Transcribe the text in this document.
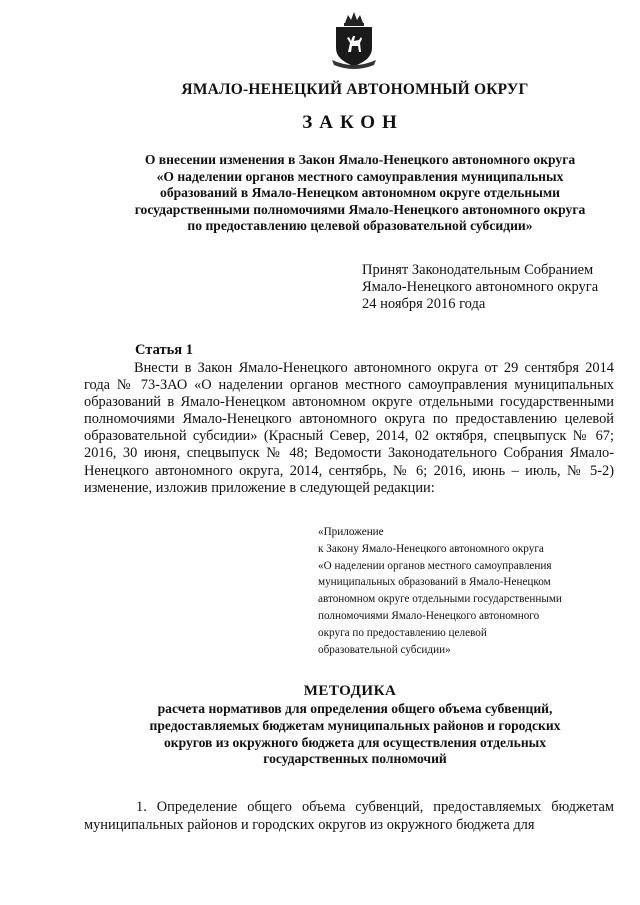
ЯМАЛО-НЕНЕЦКИЙ АВТОНОМНЫЙ ОКРУГ
ЗАКОН
О внесении изменения в Закон Ямало-Ненецкого автономного округа
«О наделении органов местного самоуправления муниципальных
образований в Ямало-Ненецком автономном округе отдельными
государственными полномочиями Ямало-Ненецкого автономного округа
по предоставлению целевой образовательной субсидии»
Принят Законодательным Собранием
Ямало-Ненецкого автономного округа
24 ноября 2016 года
Статья 1
Внести в Закон Ямало-Ненецкого автономного округа от 29 сентября 2014 года № 73-ЗАО «О наделении органов местного самоуправления муниципальных образований в Ямало-Ненецком автономном округе отдельными государственными полномочиями Ямало-Ненецкого автономного округа по предоставлению целевой образовательной субсидии» (Красный Север, 2014, 02 октября, спецвыпуск № 67; 2016, 30 июня, спецвыпуск № 48; Ведомости Законодательного Собрания Ямало-Ненецкого автономного округа, 2014, сентябрь, № 6; 2016, июнь – июль, № 5-2) изменение, изложив приложение в следующей редакции:
«Приложение
к Закону Ямало-Ненецкого автономного округа
«О наделении органов местного самоуправления
муниципальных образований в Ямало-Ненецком
автономном округе отдельными государственными
полномочиями Ямало-Ненецкого автономного
округа по предоставлению целевой
образовательной субсидии»
МЕТОДИКА
расчета нормативов для определения общего объема субвенций,
предоставляемых бюджетам муниципальных районов и городских
округов из окружного бюджета для осуществления отдельных
государственных полномочий
1. Определение общего объема субвенций, предоставляемых бюджетам муниципальных районов и городских округов из окружного бюджета для
